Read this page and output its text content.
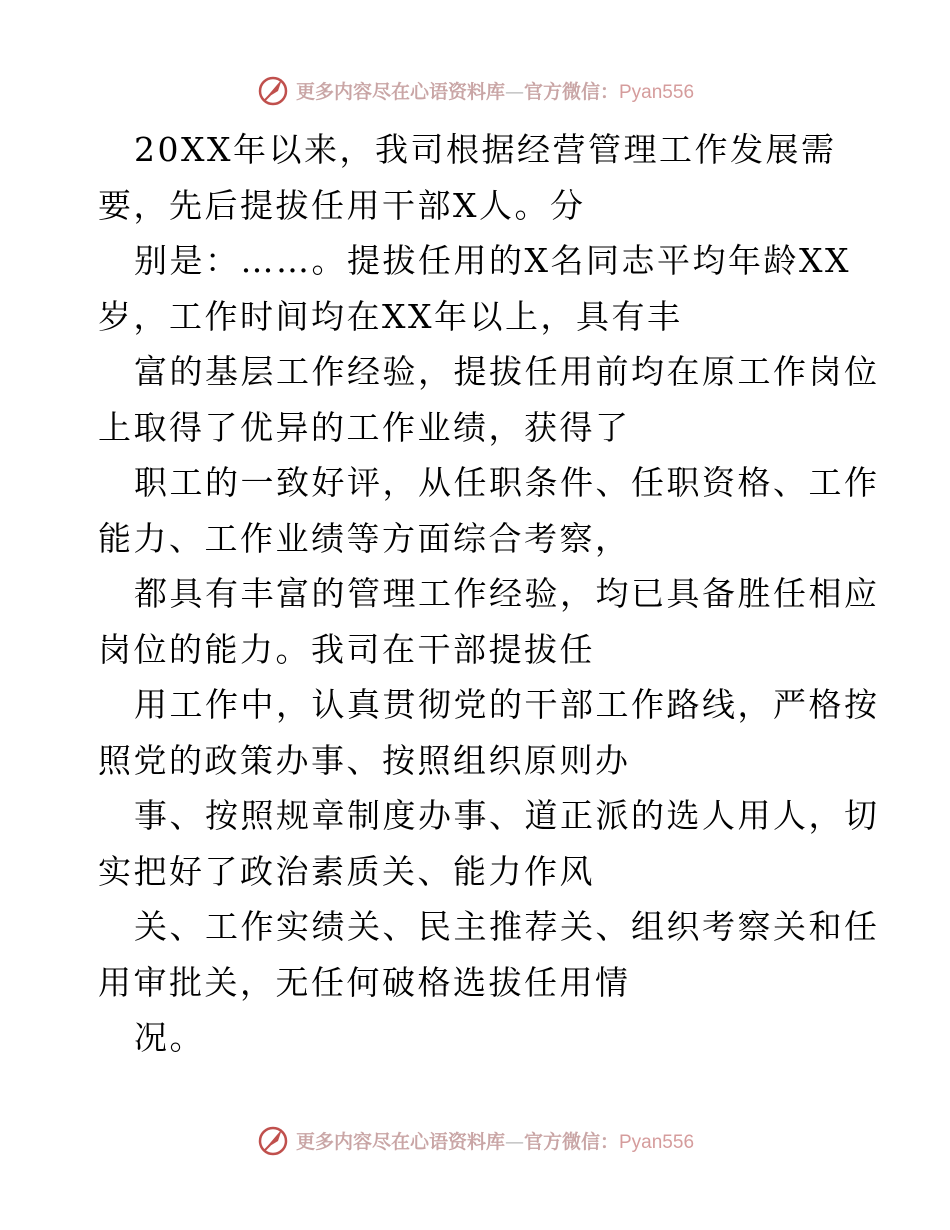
更多内容尽在心语资料库—官方微信：Pyan556
20XX年以来，我司根据经营管理工作发展需
要，先后提拔任用干部X人。分
别是：……。提拔任用的X名同志平均年龄XX
岁，工作时间均在XX年以上，具有丰
富的基层工作经验，提拔任用前均在原工作岗位
上取得了优异的工作业绩，获得了
职工的一致好评，从任职条件、任职资格、工作
能力、工作业绩等方面综合考察，
都具有丰富的管理工作经验，均已具备胜任相应
岗位的能力。我司在干部提拔任
用工作中，认真贯彻党的干部工作路线，严格按
照党的政策办事、按照组织原则办
事、按照规章制度办事、道正派的选人用人，切
实把好了政治素质关、能力作风
关、工作实绩关、民主推荐关、组织考察关和任
用审批关，无任何破格选拔任用情
况。
更多内容尽在心语资料库—官方微信：Pyan556
